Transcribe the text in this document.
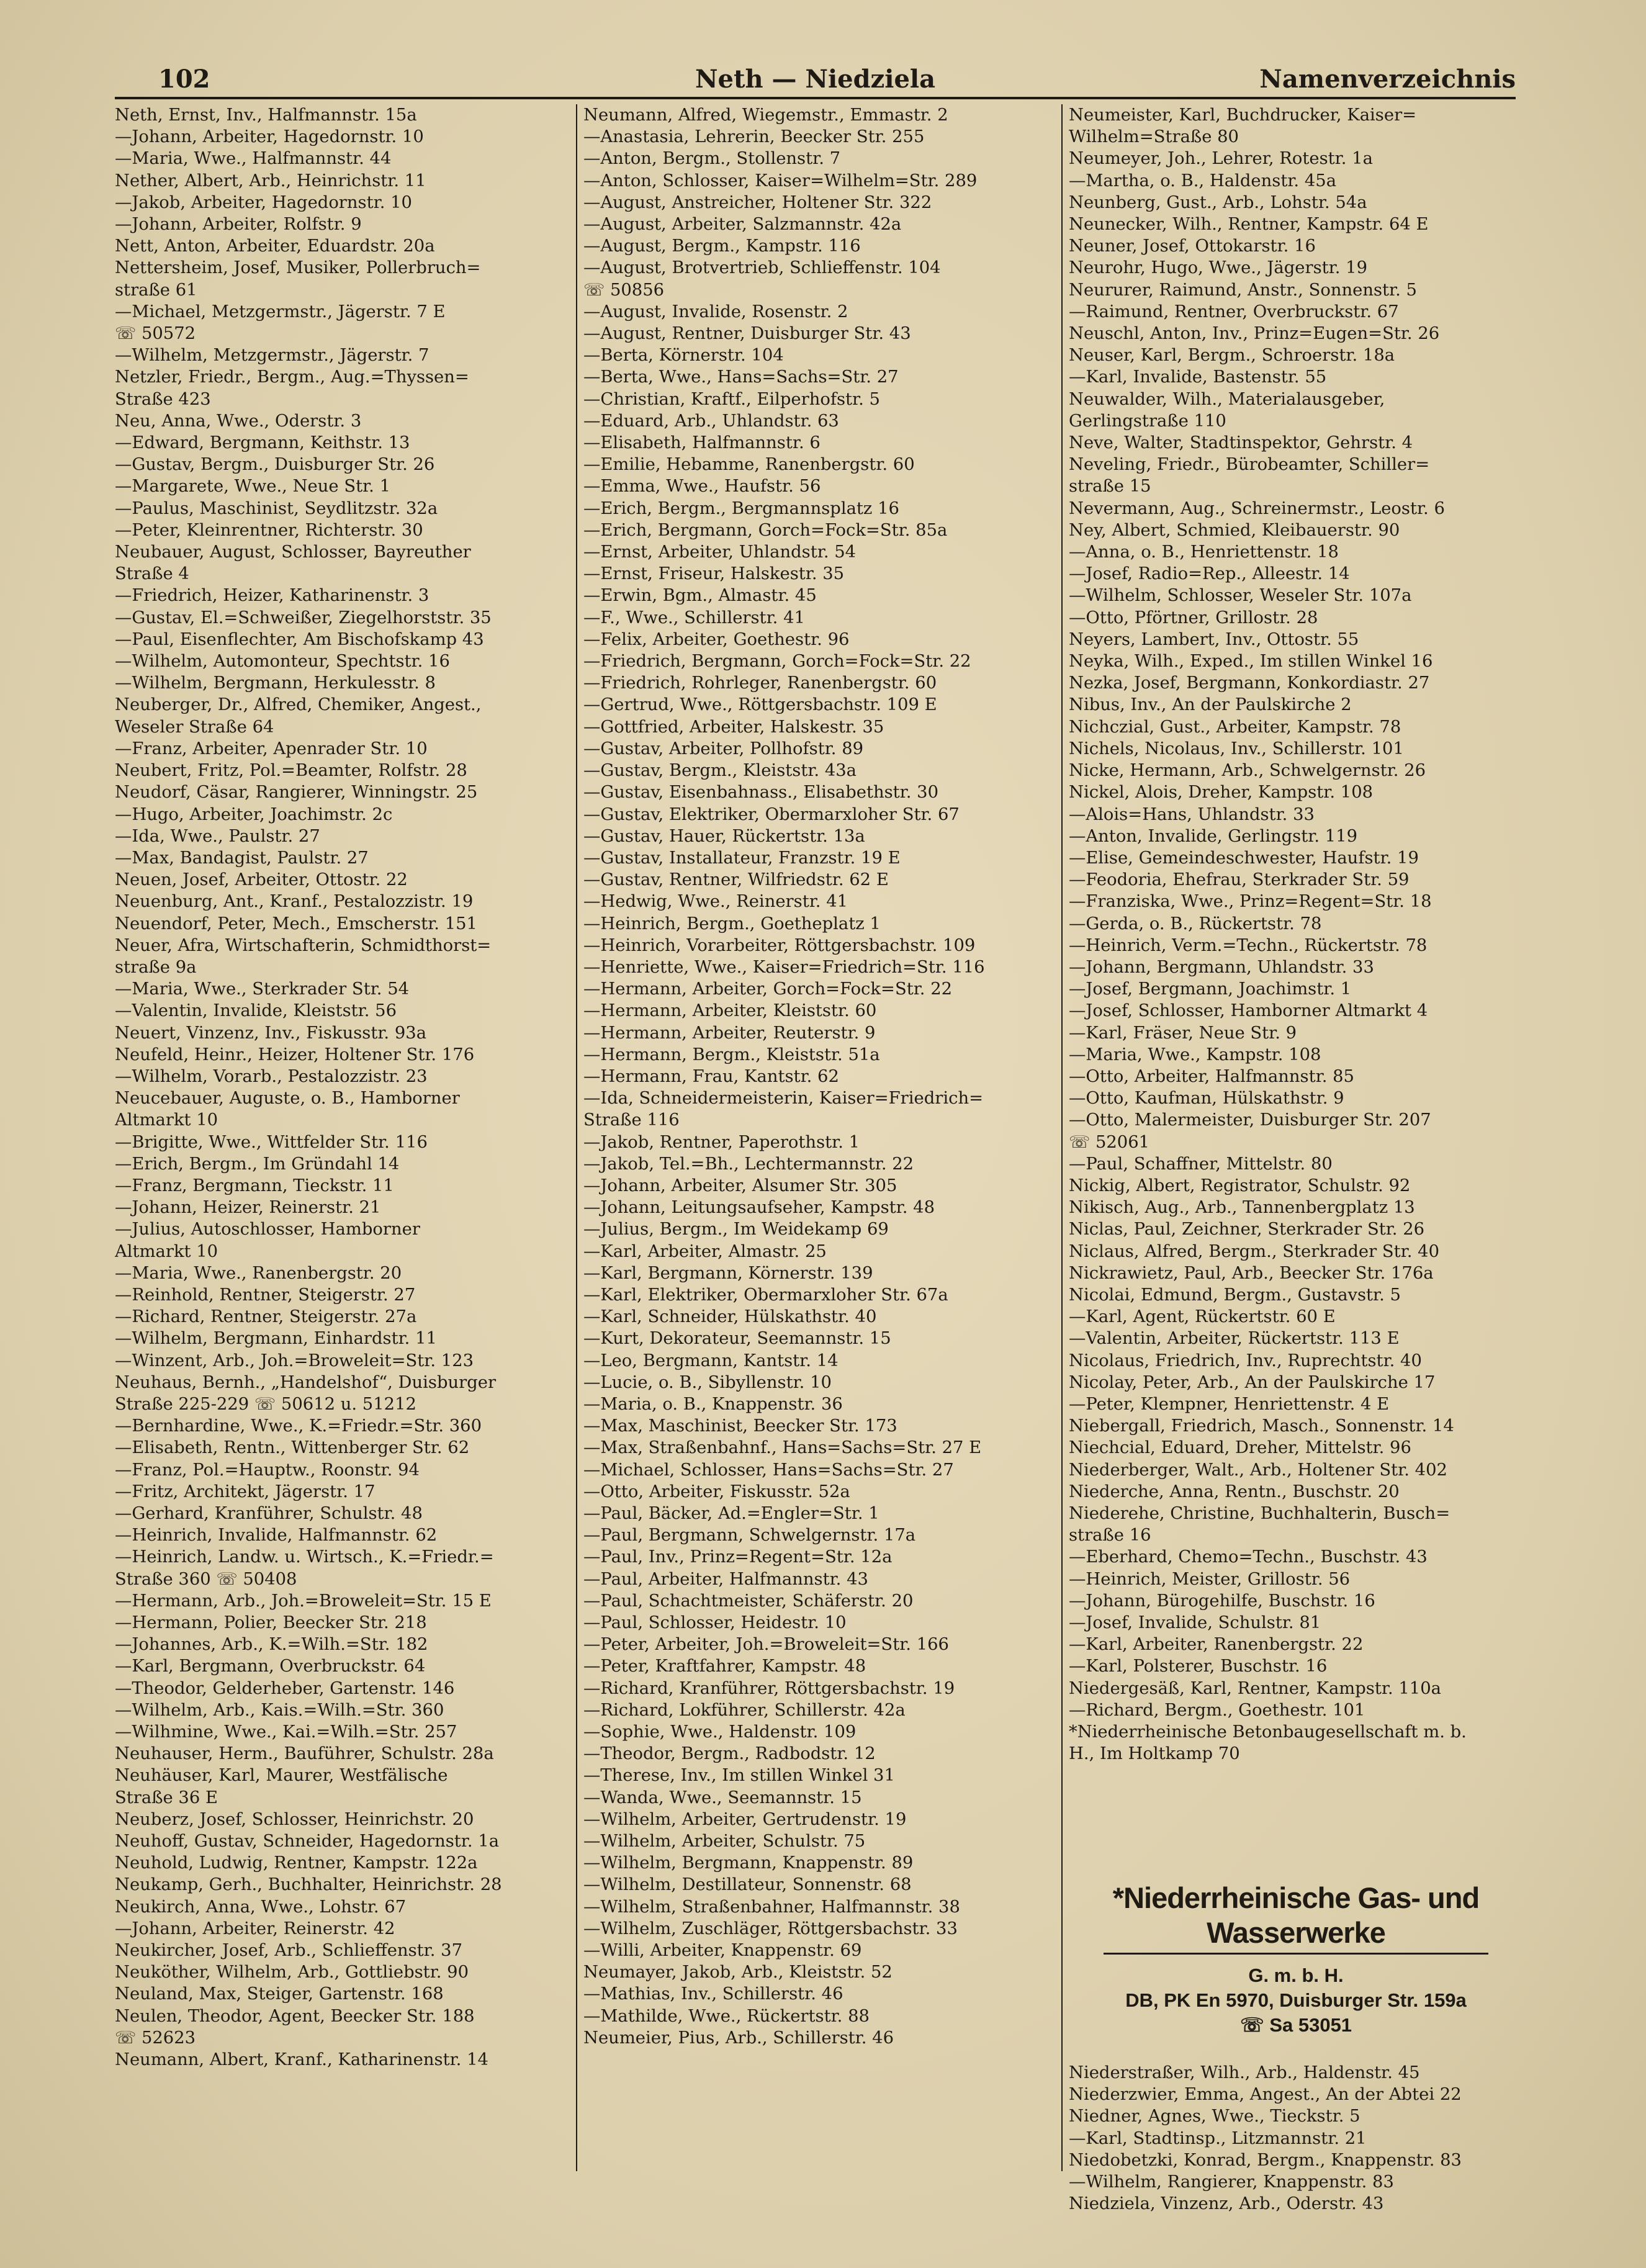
102	Neth — Niedziela	Namenverzeichnis
Neth, Ernst, Inv., Halfmannstr. 15a
—Johann, Arbeiter, Hagedornstr. 10
—Maria, Wwe., Halfmannstr. 44
Nether, Albert, Arb., Heinrichstr. 11
—Jakob, Arbeiter, Hagedornstr. 10
—Johann, Arbeiter, Rolfstr. 9
Nett, Anton, Arbeiter, Eduardstr. 20a
Nettersheim, Josef, Musiker, Pollerbruch=
straße 61
—Michael, Metzgermstr., Jägerstr. 7 E
☏ 50572
—Wilhelm, Metzgermstr., Jägerstr. 7
Netzler, Friedr., Bergm., Aug.=Thyssen=
Straße 423
Neu, Anna, Wwe., Oderstr. 3
—Edward, Bergmann, Keithstr. 13
—Gustav, Bergm., Duisburger Str. 26
—Margarete, Wwe., Neue Str. 1
—Paulus, Maschinist, Seydlitzstr. 32a
—Peter, Kleinrentner, Richterstr. 30
Neubauer, August, Schlosser, Bayreuther
Straße 4
—Friedrich, Heizer, Katharinenstr. 3
—Gustav, El.=Schweißer, Ziegelhorststr. 35
—Paul, Eisenflechter, Am Bischofskamp 43
—Wilhelm, Automonteur, Spechtstr. 16
—Wilhelm, Bergmann, Herkulesstr. 8
Neuberger, Dr., Alfred, Chemiker, Angest.,
Weseler Straße 64
—Franz, Arbeiter, Apenrader Str. 10
Neubert, Fritz, Pol.=Beamter, Rolfstr. 28
Neudorf, Cäsar, Rangierer, Winningstr. 25
—Hugo, Arbeiter, Joachimstr. 2c
—Ida, Wwe., Paulstr. 27
—Max, Bandagist, Paulstr. 27
Neuen, Josef, Arbeiter, Ottostr. 22
Neuenburg, Ant., Kranf., Pestalozzistr. 19
Neuendorf, Peter, Mech., Emscherstr. 151
Neuer, Afra, Wirtschafterin, Schmidthorst=
straße 9a
—Maria, Wwe., Sterkrader Str. 54
—Valentin, Invalide, Kleiststr. 56
Neuert, Vinzenz, Inv., Fiskusstr. 93a
Neufeld, Heinr., Heizer, Holtener Str. 176
—Wilhelm, Vorarb., Pestalozzistr. 23
Neucebauer, Auguste, o. B., Hamborner
Altmarkt 10
—Brigitte, Wwe., Wittfelder Str. 116
—Erich, Bergm., Im Gründahl 14
—Franz, Bergmann, Tieckstr. 11
—Johann, Heizer, Reinerstr. 21
—Julius, Autoschlosser, Hamborner
Altmarkt 10
—Maria, Wwe., Ranenbergstr. 20
—Reinhold, Rentner, Steigerstr. 27
—Richard, Rentner, Steigerstr. 27a
—Wilhelm, Bergmann, Einhardstr. 11
—Winzent, Arb., Joh.=Broweleit=Str. 123
Neuhaus, Bernh., „Handelshof“, Duisburger
Straße 225-229 ☏ 50612 u. 51212
—Bernhardine, Wwe., K.=Friedr.=Str. 360
—Elisabeth, Rentn., Wittenberger Str. 62
—Franz, Pol.=Hauptw., Roonstr. 94
—Fritz, Architekt, Jägerstr. 17
—Gerhard, Kranführer, Schulstr. 48
—Heinrich, Invalide, Halfmannstr. 62
—Heinrich, Landw. u. Wirtsch., K.=Friedr.=
Straße 360 ☏ 50408
—Hermann, Arb., Joh.=Broweleit=Str. 15 E
—Hermann, Polier, Beecker Str. 218
—Johannes, Arb., K.=Wilh.=Str. 182
—Karl, Bergmann, Overbruckstr. 64
—Theodor, Gelderheber, Gartenstr. 146
—Wilhelm, Arb., Kais.=Wilh.=Str. 360
—Wilhmine, Wwe., Kai.=Wilh.=Str. 257
Neuhauser, Herm., Bauführer, Schulstr. 28a
Neuhäuser, Karl, Maurer, Westfälische
Straße 36 E
Neuberz, Josef, Schlosser, Heinrichstr. 20
Neuhoff, Gustav, Schneider, Hagedornstr. 1a
Neuhold, Ludwig, Rentner, Kampstr. 122a
Neukamp, Gerh., Buchhalter, Heinrichstr. 28
Neukirch, Anna, Wwe., Lohstr. 67
—Johann, Arbeiter, Reinerstr. 42
Neukircher, Josef, Arb., Schlieffenstr. 37
Neuköther, Wilhelm, Arb., Gottliebstr. 90
Neuland, Max, Steiger, Gartenstr. 168
Neulen, Theodor, Agent, Beecker Str. 188
☏ 52623
Neumann, Albert, Kranf., Katharinenstr. 14
Neumann, Alfred, Wiegemstr., Emmastr. 2
—Anastasia, Lehrerin, Beecker Str. 255
—Anton, Bergm., Stollenstr. 7
—Anton, Schlosser, Kaiser=Wilhelm=Str. 289
—August, Anstreicher, Holtener Str. 322
—August, Arbeiter, Salzmannstr. 42a
—August, Bergm., Kampstr. 116
—August, Brotvertrieb, Schlieffenstr. 104
☏ 50856
—August, Invalide, Rosenstr. 2
—August, Rentner, Duisburger Str. 43
—Berta, Körnerstr. 104
—Berta, Wwe., Hans=Sachs=Str. 27
—Christian, Kraftf., Eilperhofstr. 5
—Eduard, Arb., Uhlandstr. 63
—Elisabeth, Halfmannstr. 6
—Emilie, Hebamme, Ranenbergstr. 60
—Emma, Wwe., Haufstr. 56
—Erich, Bergm., Bergmannsplatz 16
—Erich, Bergmann, Gorch=Fock=Str. 85a
—Ernst, Arbeiter, Uhlandstr. 54
—Ernst, Friseur, Halskestr. 35
—Erwin, Bgm., Almastr. 45
—F., Wwe., Schillerstr. 41
—Felix, Arbeiter, Goethestr. 96
—Friedrich, Bergmann, Gorch=Fock=Str. 22
—Friedrich, Rohrleger, Ranenbergstr. 60
—Gertrud, Wwe., Röttgersbachstr. 109 E
—Gottfried, Arbeiter, Halskestr. 35
—Gustav, Arbeiter, Pollhofstr. 89
—Gustav, Bergm., Kleiststr. 43a
—Gustav, Eisenbahnass., Elisabethstr. 30
—Gustav, Elektriker, Obermarxloher Str. 67
—Gustav, Hauer, Rückertstr. 13a
—Gustav, Installateur, Franzstr. 19 E
—Gustav, Rentner, Wilfriedstr. 62 E
—Hedwig, Wwe., Reinerstr. 41
—Heinrich, Bergm., Goetheplatz 1
—Heinrich, Vorarbeiter, Röttgersbachstr. 109
—Henriette, Wwe., Kaiser=Friedrich=Str. 116
—Hermann, Arbeiter, Gorch=Fock=Str. 22
—Hermann, Arbeiter, Kleiststr. 60
—Hermann, Arbeiter, Reuterstr. 9
—Hermann, Bergm., Kleiststr. 51a
—Hermann, Frau, Kantstr. 62
—Ida, Schneidermeisterin, Kaiser=Friedrich=
Straße 116
—Jakob, Rentner, Paperothstr. 1
—Jakob, Tel.=Bh., Lechtermannstr. 22
—Johann, Arbeiter, Alsumer Str. 305
—Johann, Leitungsaufseher, Kampstr. 48
—Julius, Bergm., Im Weidekamp 69
—Karl, Arbeiter, Almastr. 25
—Karl, Bergmann, Körnerstr. 139
—Karl, Elektriker, Obermarxloher Str. 67a
—Karl, Schneider, Hülskathstr. 40
—Kurt, Dekorateur, Seemannstr. 15
—Leo, Bergmann, Kantstr. 14
—Lucie, o. B., Sibyllenstr. 10
—Maria, o. B., Knappenstr. 36
—Max, Maschinist, Beecker Str. 173
—Max, Straßenbahnf., Hans=Sachs=Str. 27 E
—Michael, Schlosser, Hans=Sachs=Str. 27
—Otto, Arbeiter, Fiskusstr. 52a
—Paul, Bäcker, Ad.=Engler=Str. 1
—Paul, Bergmann, Schwelgernstr. 17a
—Paul, Inv., Prinz=Regent=Str. 12a
—Paul, Arbeiter, Halfmannstr. 43
—Paul, Schachtmeister, Schäferstr. 20
—Paul, Schlosser, Heidestr. 10
—Peter, Arbeiter, Joh.=Broweleit=Str. 166
—Peter, Kraftfahrer, Kampstr. 48
—Richard, Kranführer, Röttgersbachstr. 19
—Richard, Lokführer, Schillerstr. 42a
—Sophie, Wwe., Haldenstr. 109
—Theodor, Bergm., Radbodstr. 12
—Therese, Inv., Im stillen Winkel 31
—Wanda, Wwe., Seemannstr. 15
—Wilhelm, Arbeiter, Gertrudenstr. 19
—Wilhelm, Arbeiter, Schulstr. 75
—Wilhelm, Bergmann, Knappenstr. 89
—Wilhelm, Destillateur, Sonnenstr. 68
—Wilhelm, Straßenbahner, Halfmannstr. 38
—Wilhelm, Zuschläger, Röttgersbachstr. 33
—Willi, Arbeiter, Knappenstr. 69
Neumayer, Jakob, Arb., Kleiststr. 52
—Mathias, Inv., Schillerstr. 46
—Mathilde, Wwe., Rückertstr. 88
Neumeier, Pius, Arb., Schillerstr. 46
Neumeister, Karl, Buchdrucker, Kaiser=
Wilhelm=Straße 80
Neumeyer, Joh., Lehrer, Rotestr. 1a
—Martha, o. B., Haldenstr. 45a
Neunberg, Gust., Arb., Lohstr. 54a
Neunecker, Wilh., Rentner, Kampstr. 64 E
Neuner, Josef, Ottokarstr. 16
Neurohr, Hugo, Wwe., Jägerstr. 19
Neururer, Raimund, Anstr., Sonnenstr. 5
—Raimund, Rentner, Overbruckstr. 67
Neuschl, Anton, Inv., Prinz=Eugen=Str. 26
Neuser, Karl, Bergm., Schroerstr. 18a
—Karl, Invalide, Bastenstr. 55
Neuwalder, Wilh., Materialausgeber,
Gerlingstraße 110
Neve, Walter, Stadtinspektor, Gehrstr. 4
Neveling, Friedr., Bürobeamter, Schiller=
straße 15
Nevermann, Aug., Schreinermstr., Leostr. 6
Ney, Albert, Schmied, Kleibauerstr. 90
—Anna, o. B., Henriettenstr. 18
—Josef, Radio=Rep., Alleestr. 14
—Wilhelm, Schlosser, Weseler Str. 107a
—Otto, Pförtner, Grillostr. 28
Neyers, Lambert, Inv., Ottostr. 55
Neyka, Wilh., Exped., Im stillen Winkel 16
Nezka, Josef, Bergmann, Konkordiastr. 27
Nibus, Inv., An der Paulskirche 2
Nichczial, Gust., Arbeiter, Kampstr. 78
Nichels, Nicolaus, Inv., Schillerstr. 101
Nicke, Hermann, Arb., Schwelgernstr. 26
Nickel, Alois, Dreher, Kampstr. 108
—Alois=Hans, Uhlandstr. 33
—Anton, Invalide, Gerlingstr. 119
—Elise, Gemeindeschwester, Haufstr. 19
—Feodoria, Ehefrau, Sterkrader Str. 59
—Franziska, Wwe., Prinz=Regent=Str. 18
—Gerda, o. B., Rückertstr. 78
—Heinrich, Verm.=Techn., Rückertstr. 78
—Johann, Bergmann, Uhlandstr. 33
—Josef, Bergmann, Joachimstr. 1
—Josef, Schlosser, Hamborner Altmarkt 4
—Karl, Fräser, Neue Str. 9
—Maria, Wwe., Kampstr. 108
—Otto, Arbeiter, Halfmannstr. 85
—Otto, Kaufman, Hülskathstr. 9
—Otto, Malermeister, Duisburger Str. 207
☏ 52061
—Paul, Schaffner, Mittelstr. 80
Nickig, Albert, Registrator, Schulstr. 92
Nikisch, Aug., Arb., Tannenbergplatz 13
Niclas, Paul, Zeichner, Sterkrader Str. 26
Niclaus, Alfred, Bergm., Sterkrader Str. 40
Nickrawietz, Paul, Arb., Beecker Str. 176a
Nicolai, Edmund, Bergm., Gustavstr. 5
—Karl, Agent, Rückertstr. 60 E
—Valentin, Arbeiter, Rückertstr. 113 E
Nicolaus, Friedrich, Inv., Ruprechtstr. 40
Nicolay, Peter, Arb., An der Paulskirche 17
—Peter, Klempner, Henriettenstr. 4 E
Niebergall, Friedrich, Masch., Sonnenstr. 14
Niechcial, Eduard, Dreher, Mittelstr. 96
Niederberger, Walt., Arb., Holtener Str. 402
Niederche, Anna, Rentn., Buschstr. 20
Niederehe, Christine, Buchhalterin, Busch=
straße 16
—Eberhard, Chemo=Techn., Buschstr. 43
—Heinrich, Meister, Grillostr. 56
—Johann, Bürogehilfe, Buschstr. 16
—Josef, Invalide, Schulstr. 81
—Karl, Arbeiter, Ranenbergstr. 22
—Karl, Polsterer, Buschstr. 16
Niedergesäß, Karl, Rentner, Kampstr. 110a
—Richard, Bergm., Goethestr. 101
*Niederrheinische Betonbaugesellschaft m. b.
H., Im Holtkamp 70
*Niederrheinische Gas- und Wasserwerke
G. m. b. H.
DB, PK En 5970, Duisburger Str. 159a
☏ Sa 53051
Niederstraßer, Wilh., Arb., Haldenstr. 45
Niederzwier, Emma, Angest., An der Abtei 22
Niedner, Agnes, Wwe., Tieckstr. 5
—Karl, Stadtinsp., Litzmannstr. 21
Niedobetzki, Konrad, Bergm., Knappenstr. 83
—Wilhelm, Rangierer, Knappenstr. 83
Niedziela, Vinzenz, Arb., Oderstr. 43
